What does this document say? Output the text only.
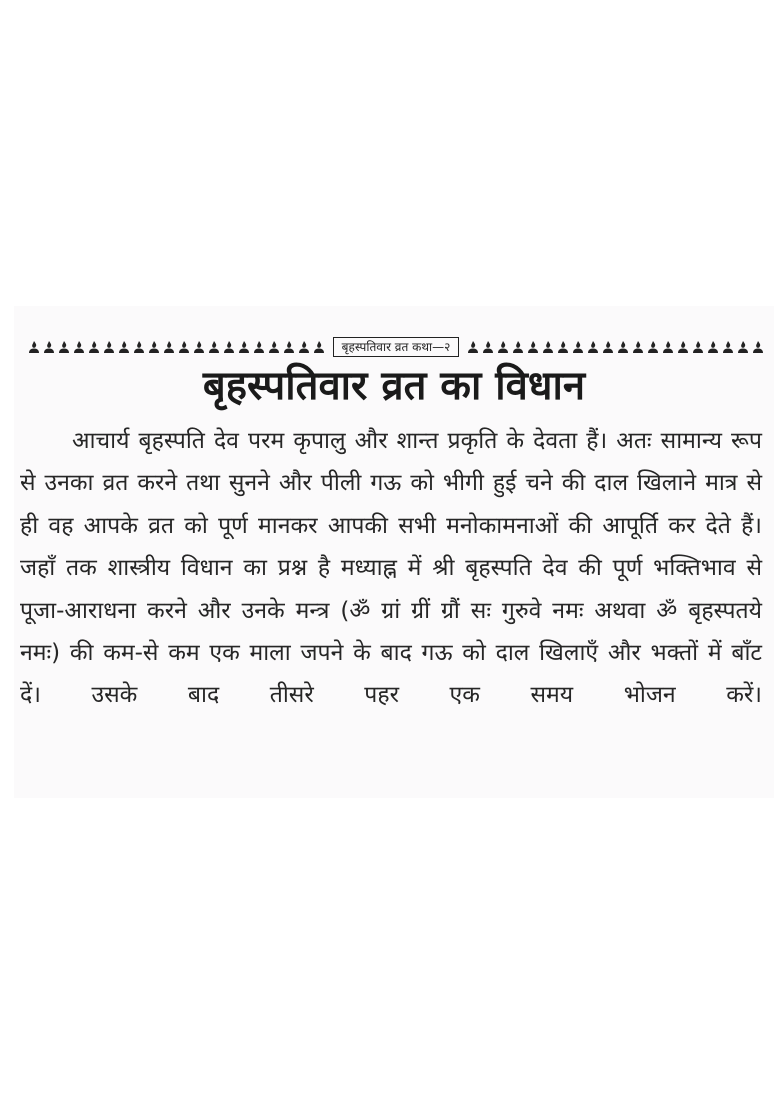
बृहस्पतिवार व्रत कथा—२
बृहस्पतिवार व्रत का विधान

आचार्य बृहस्पति देव परम कृपालु और शान्त प्रकृति के देवता हैं। अतः सामान्य रूप से उनका व्रत करने तथा सुनने और पीली गऊ को भीगी हुई चने की दाल खिलाने मात्र से ही वह आपके व्रत को पूर्ण मानकर आपकी सभी मनोकामनाओं की आपूर्ति कर देते हैं। जहाँ तक शास्त्रीय विधान का प्रश्न है मध्याह्न में श्री बृहस्पति देव की पूर्ण भक्तिभाव से पूजा-आराधना करने और उनके मन्त्र (ॐ ग्रां ग्रीं ग्रौं सः गुरुवे नमः अथवा ॐ बृहस्पतये नमः) की कम-से कम एक माला जपने के बाद गऊ को दाल खिलाएँ और भक्तों में बाँट दें। उसके बाद तीसरे पहर एक समय भोजन करें।
